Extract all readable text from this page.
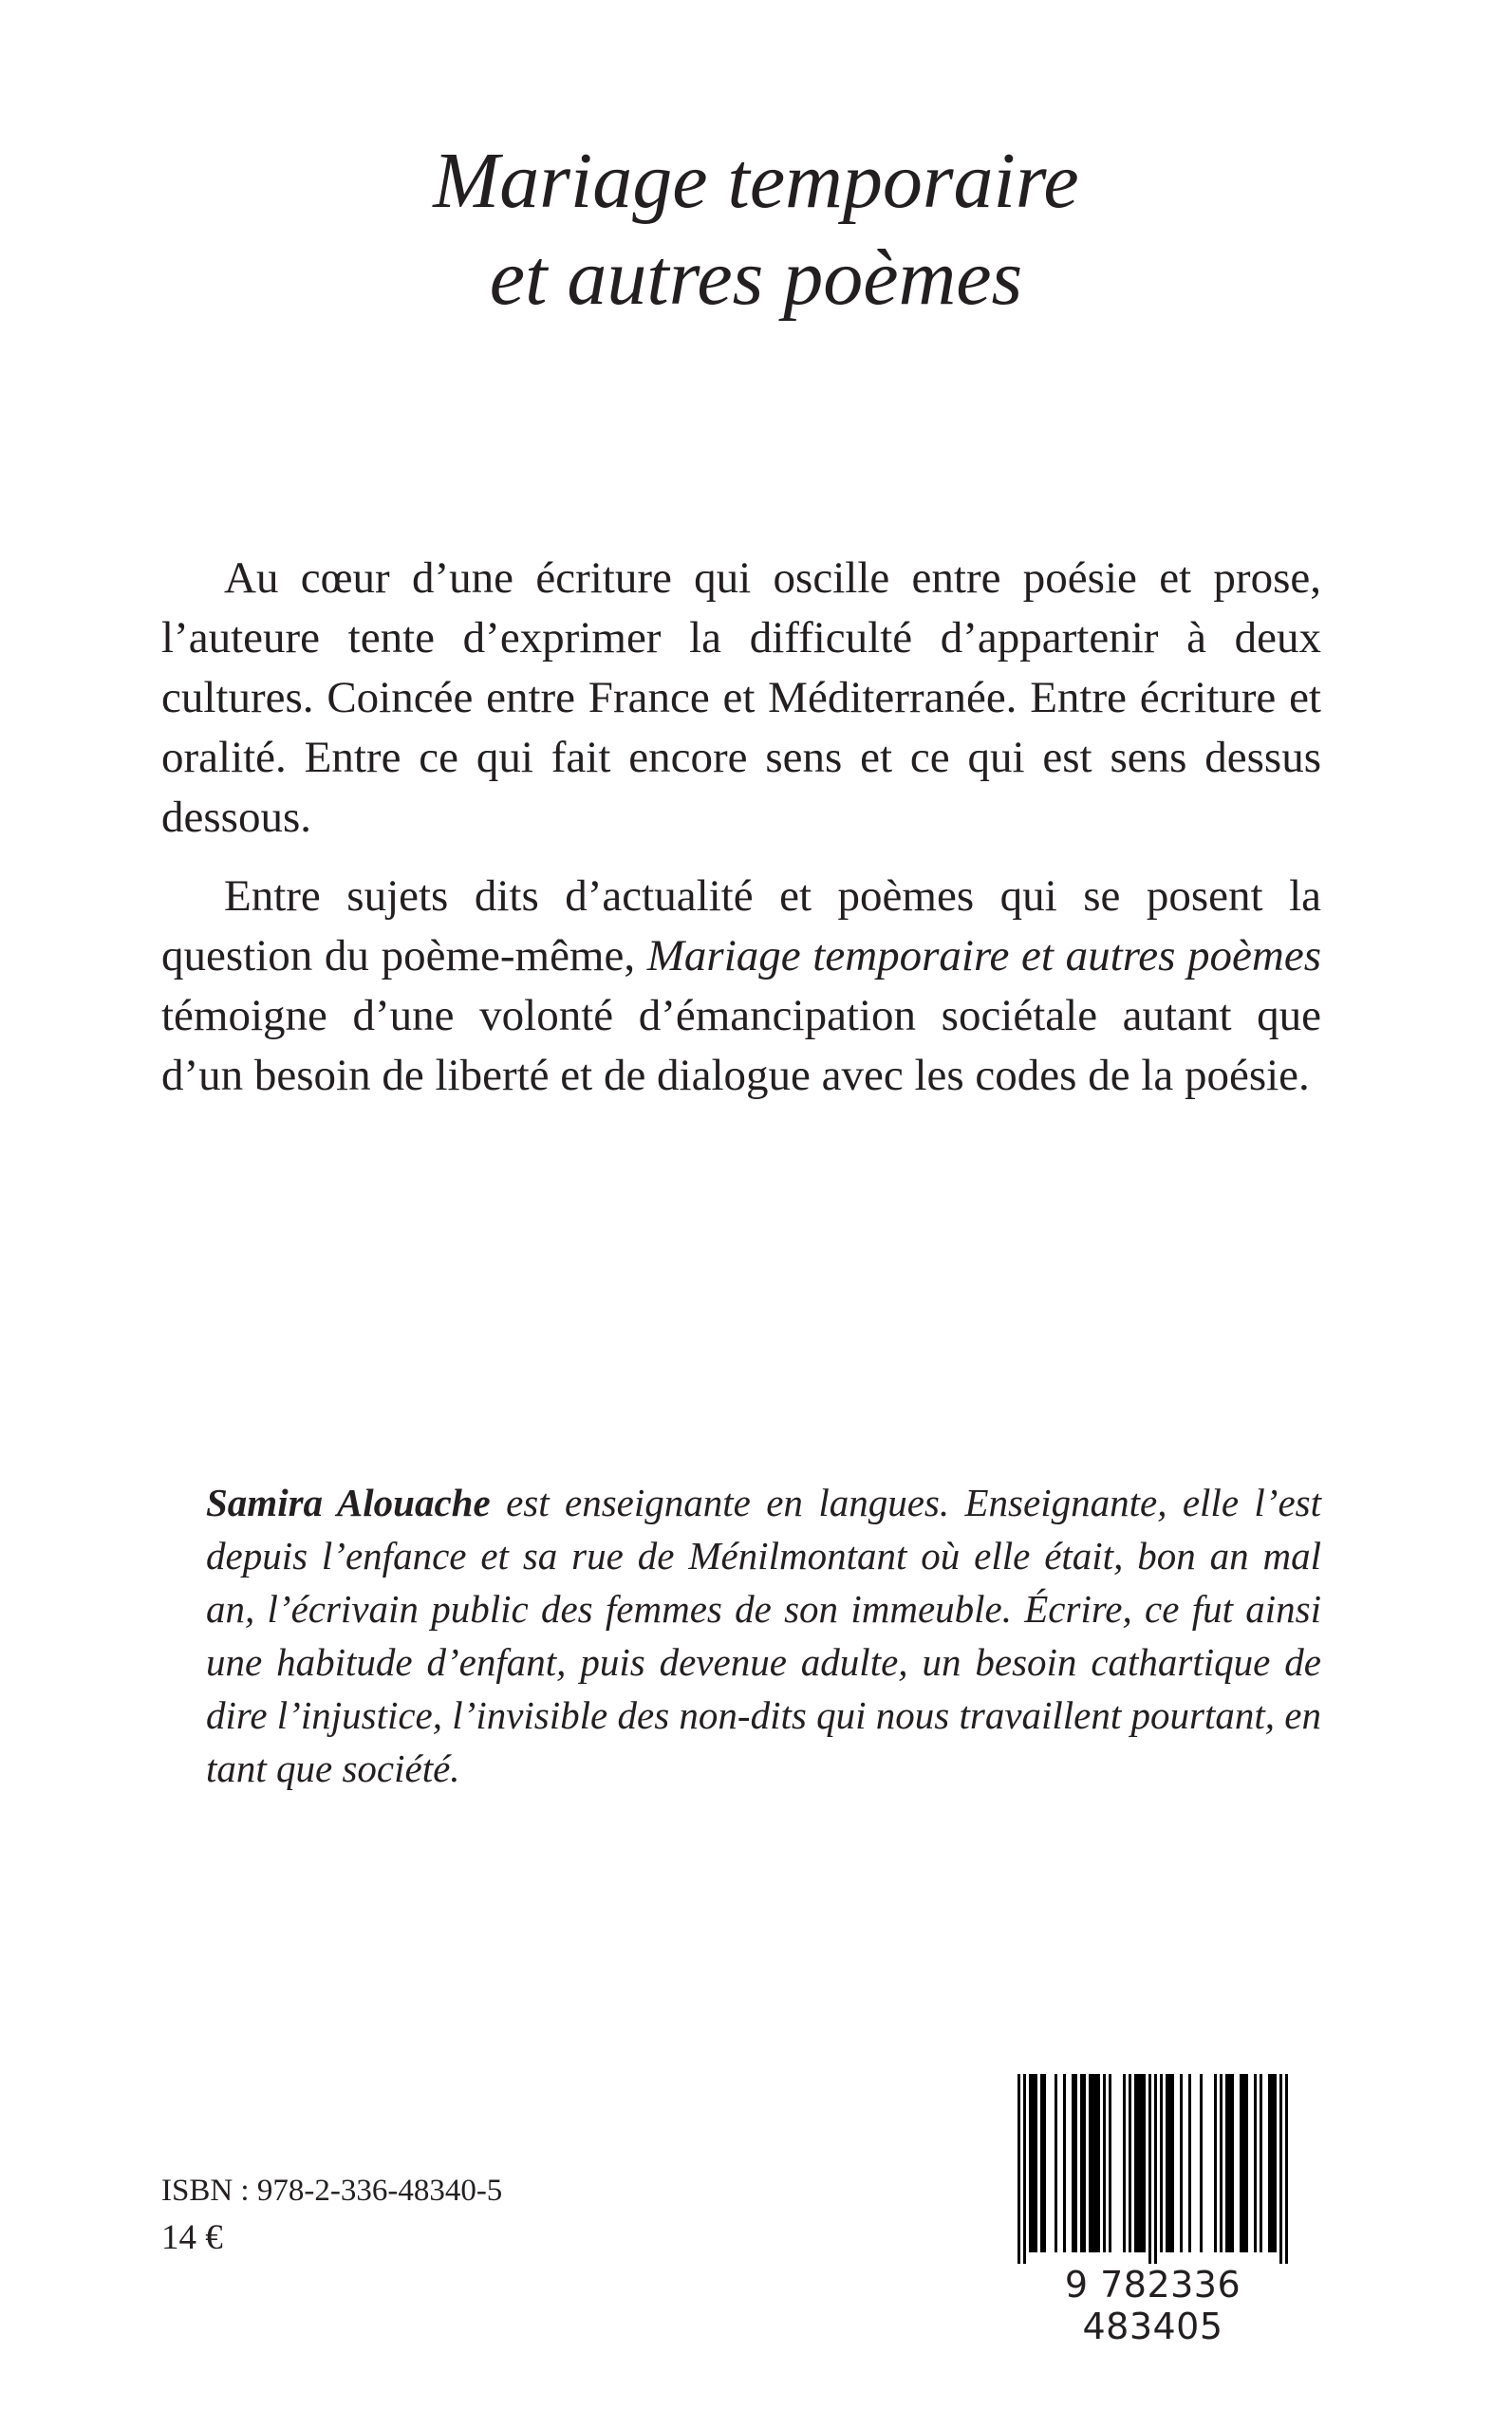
Mariage temporaire
et autres poèmes

Au cœur d’une écriture qui oscille entre poésie et prose, l’auteure tente d’exprimer la difficulté d’appartenir à deux cultures. Coincée entre France et Méditerranée. Entre écriture et oralité. Entre ce qui fait encore sens et ce qui est sens dessus dessous.

Entre sujets dits d’actualité et poèmes qui se posent la question du poème-même, Mariage temporaire et autres poèmes témoigne d’une volonté d’émancipation sociétale autant que d’un besoin de liberté et de dialogue avec les codes de la poésie.

Samira Alouache est enseignante en langues. Enseignante, elle l’est depuis l’enfance et sa rue de Ménilmontant où elle était, bon an mal an, l’écrivain public des femmes de son immeuble. Écrire, ce fut ainsi une habitude d’enfant, puis devenue adulte, un besoin cathartique de dire l’injustice, l’invisible des non-dits qui nous travaillent pourtant, en tant que société.

ISBN : 978-2-336-48340-5
14 €
9 782336 483405
